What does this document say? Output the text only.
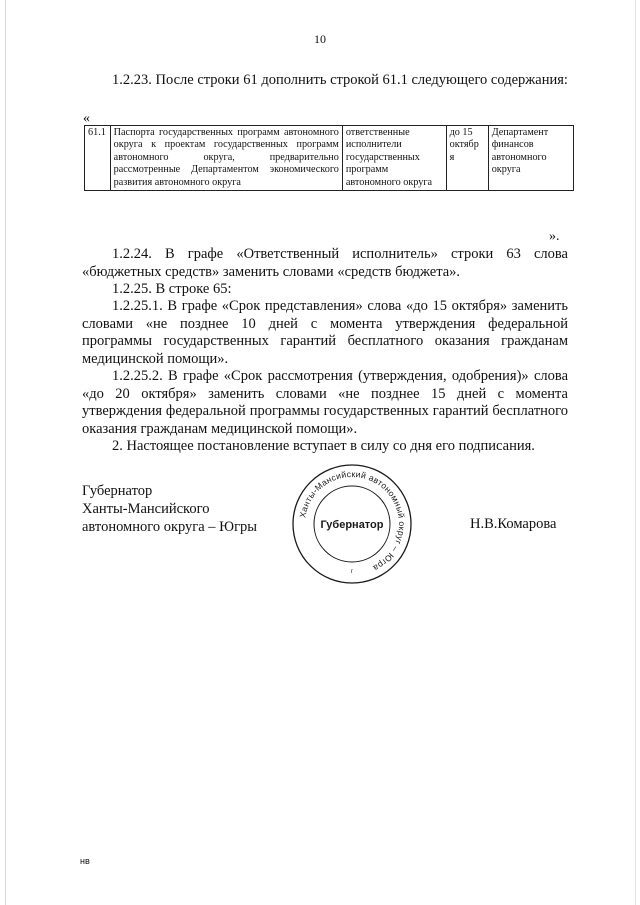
10

1.2.23. После строки 61 дополнить строкой 61.1 следующего содержания:

«
61.1	Паспорта государственных программ автономного округа к проектам государственных программ автономного округа, предварительно рассмотренные Департаментом экономического развития автономного округа	ответственные исполнители государственных программ автономного округа	до 15 октябр я	Департамент финансов автономного округа
».

1.2.24. В графе «Ответственный исполнитель» строки 63 слова «бюджетных средств» заменить словами «средств бюджета».

1.2.25. В строке 65:

1.2.25.1. В графе «Срок представления» слова «до 15 октября» заменить словами «не позднее 10 дней с момента утверждения федеральной программы государственных гарантий бесплатного оказания гражданам медицинской помощи».

1.2.25.2. В графе «Срок рассмотрения (утверждения, одобрения)» слова «до 20 октября» заменить словами «не позднее 15 дней с момента утверждения федеральной программы государственных гарантий бесплатного оказания гражданам медицинской помощи».

2. Настоящее постановление вступает в силу со дня его подписания.

Губернатор
Ханты-Мансийского
автономного округа – Югры
Ханты-Мансийский автономный округ – Югра
Губернатор
г
Н.В.Комарова
нв
